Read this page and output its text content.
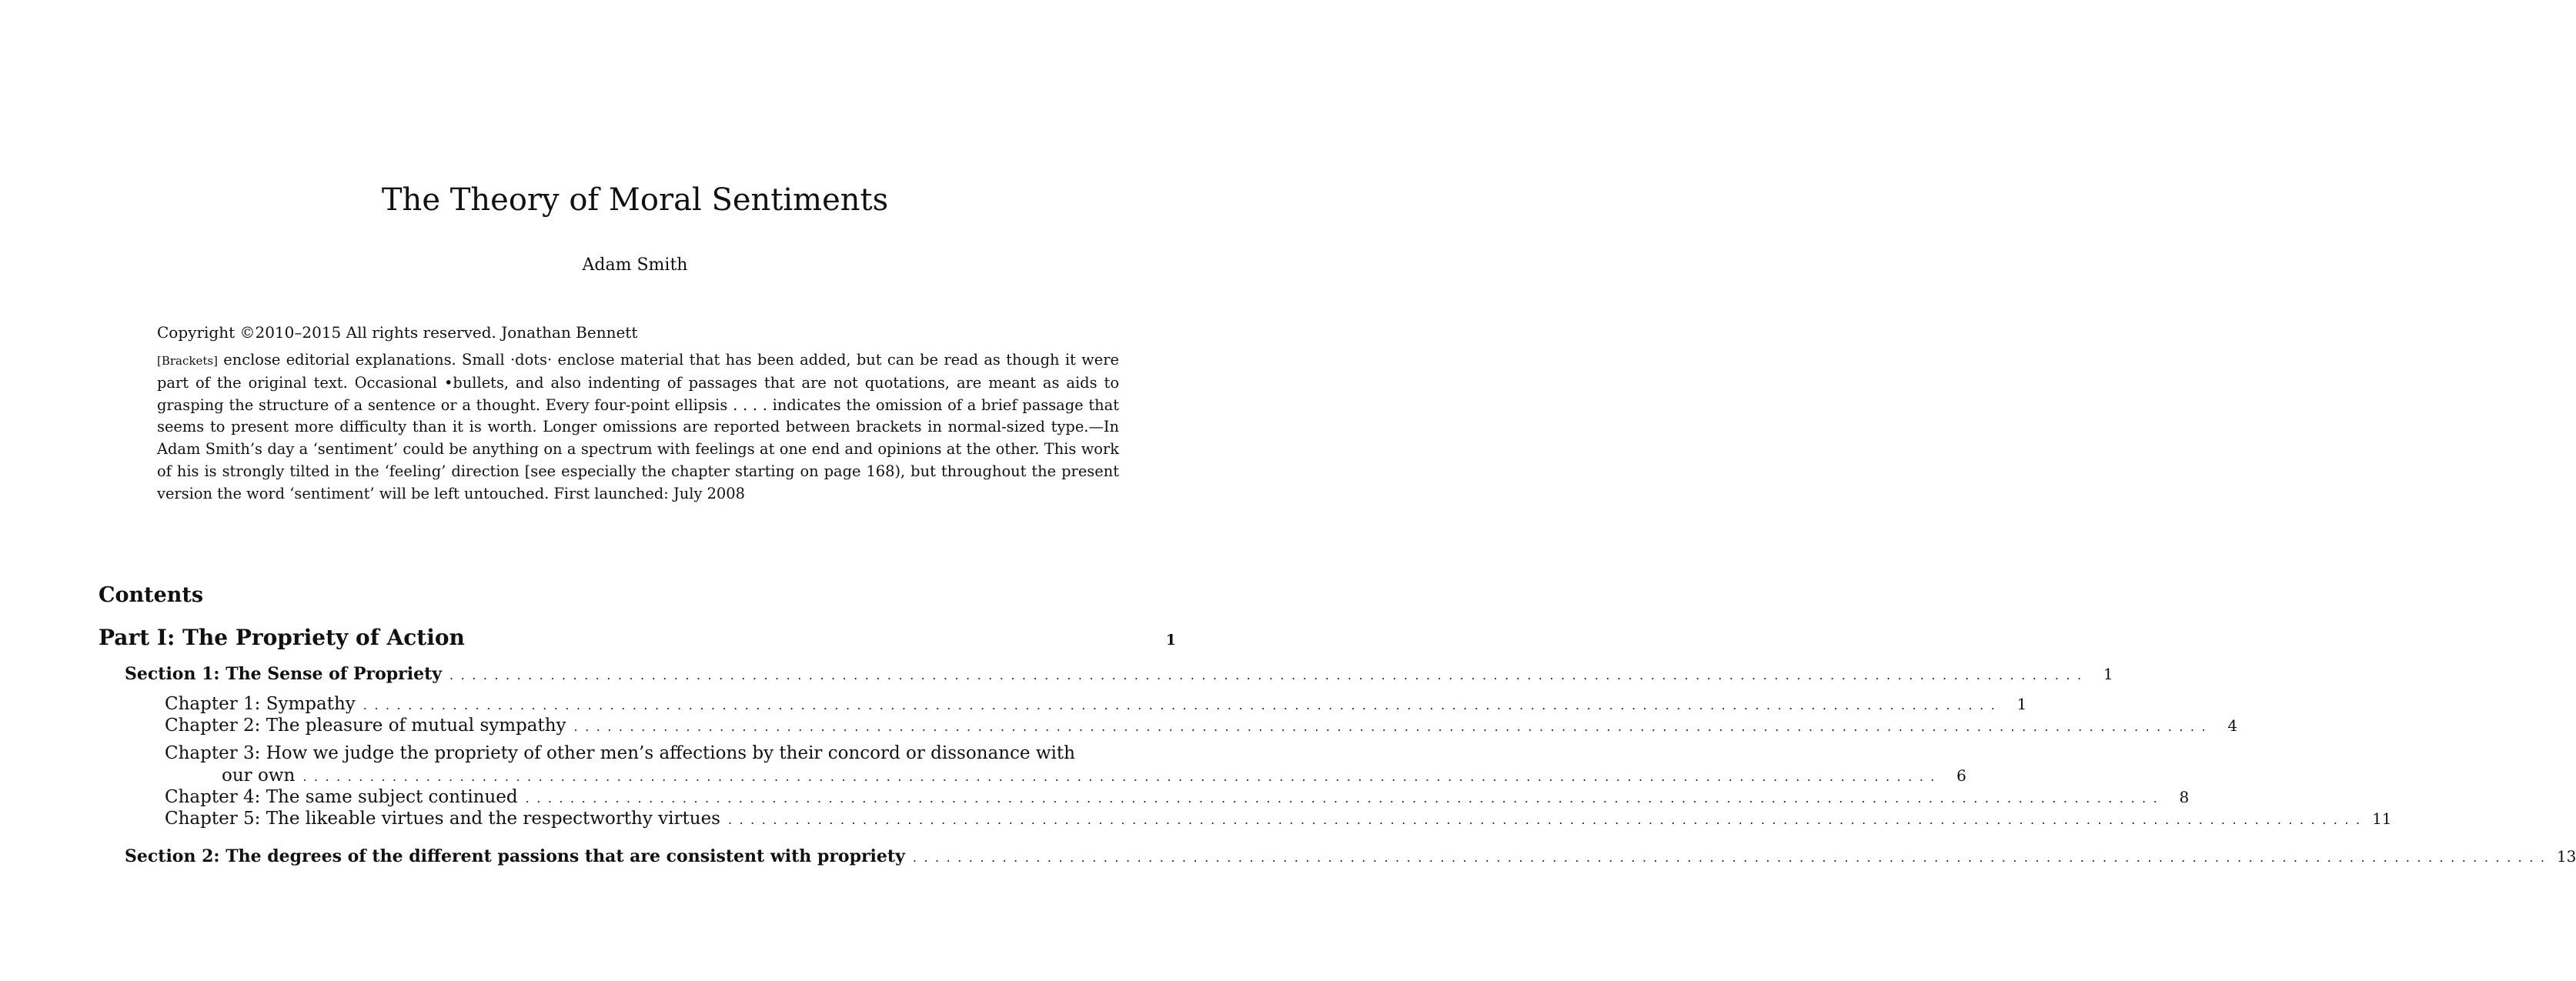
The Theory of Moral Sentiments
Adam Smith
Copyright ©2010–2015 All rights reserved. Jonathan Bennett

[Brackets] enclose editorial explanations. Small ·dots· enclose material that has been added, but can be read as though it were part of the original text. Occasional •bullets, and also indenting of passages that are not quotations, are meant as aids to grasping the structure of a sentence or a thought. Every four-point ellipsis . . . . indicates the omission of a brief passage that seems to present more difficulty than it is worth. Longer omissions are reported between brackets in normal-sized type.—In Adam Smith’s day a ‘sentiment’ could be anything on a spectrum with feelings at one end and opinions at the other. This work of his is strongly tilted in the ‘feeling’ direction [see especially the chapter starting on page 168), but throughout the present version the word ‘sentiment’ will be left untouched. First launched: July 2008

Contents
Part I: The Propriety of Action	1
Section 1: The Sense of Propriety .................................................................................................................................................. 1
Chapter 1: Sympathy .................................................................................................................................................. 1
Chapter 2: The pleasure of mutual sympathy .................................................................................................................................................. 4
Chapter 3: How we judge the propriety of other men’s affections by their concord or dissonance with
our own .................................................................................................................................................. 6
Chapter 4: The same subject continued .................................................................................................................................................. 8
Chapter 5: The likeable virtues and the respectworthy virtues .................................................................................................................................................. 11
Section 2: The degrees of the different passions that are consistent with propriety .................................................................................................................................................. 13
